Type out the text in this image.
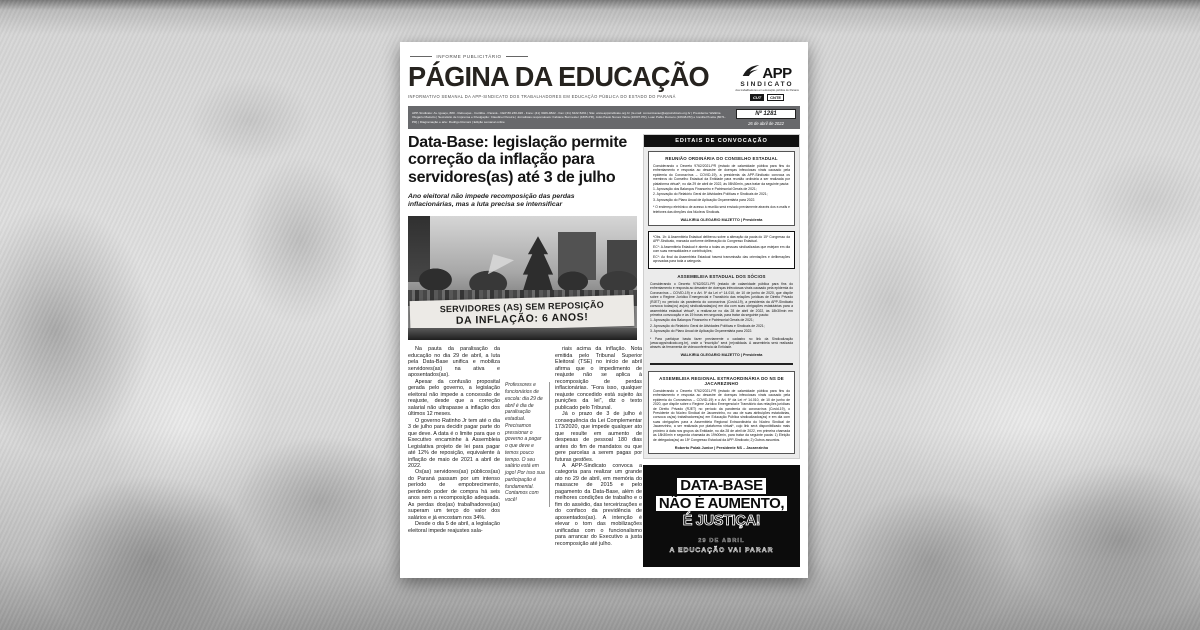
INFORME PUBLICITÁRIO
PÁGINA DA EDUCAÇÃO
INFORMATIVO SEMANAL DA APP-SINDICATO DOS TRABALHADORES EM EDUCAÇÃO PÚBLICA DO ESTADO DO PARANÁ
APP
SINDICATO
dos trabalhadores em educação pública do Paraná
CUT	CNTE
APP-Sindicato: Av. Iguaçu, 880 - Rebouças - Curitiba - Paraná - CEP 80.230-020 - Fone: (41) 3026-9822 - Fax: (41) 3222-5261 | Site: www.appsindicato.org.br | E-mail: comunicacao@appsindicato.org.br | Presidenta: Walkiria Olegario Mazetto | Secretário de Imprensa e Divulgação: Claudinei Pereira | Jornalistas responsáveis: Fabiane Burmester (4305-PR), João Paulo Nunes Vieira (10307-PR), Luan Pablo Romero (10648-PR) e Uanilla Pivetta (8071-PR) | Diagramação e arte: Rodrigo Romani | Edição semanal online
Nº 1281
26 de abril de 2022
Data-Base: legislação permite correção da inflação para servidores(as) até 3 de julho
Ano eleitoral não impede recomposição das perdas inflacionárias, mas a luta precisa se intensificar
SERVIDORES (AS) SEM REPOSIÇÃO
DA INFLAÇÃO: 6 ANOS!

Na pauta da paralisação da educação no dia 29 de abril, a luta pela Data-Base unifica e mobiliza servidores(as) na ativa e aposentados(as).

Apesar da confusão proposital gerada pelo governo, a legislação eleitoral não impede a concessão de reajuste, desde que a correção salarial não ultrapasse a inflação dos últimos 12 meses.

O governo Ratinho Jr tem até o dia 3 de julho para decidir pagar parte do que deve. A data é o limite para que o Executivo encaminhe à Assembleia Legislativa projeto de lei para pagar até 12% de reposição, equivalente à inflação de maio de 2021 a abril de 2022.

Os(as) servidores(as) públicos(as) do Paraná passam por um intenso período de empobrecimento, perdendo poder de compra há seis anos sem a recomposição adequada. As perdas dos(as) trabalhadores(as) superam um terço do valor dos salários e já encostam nos 34%.

Desde o dia 5 de abril, a legislação eleitoral impede reajustes sala-

Professores e funcionários de escola: dia 29 de abril é dia de paralisação estadual. Precisamos pressionar o governo a pagar o que deve e temos pouco tempo. O seu salário está em jogo! Por isso sua participação é fundamental. Contamos com você!

riais acima da inflação. Nota emitida pelo Tribunal Superior Eleitoral (TSE) no início de abril afirma que o impedimento de reajuste não se aplica à recomposição de perdas inflacionárias. “Fora isso, qualquer reajuste concedido está sujeito às punições da lei”, diz o texto publicado pelo Tribunal.

Já o prazo de 3 de julho é consequência da Lei Complementar 173/2020, que impede qualquer ato que resulte em aumento de despesas de pessoal 180 dias antes do fim de mandatos ou que gere parcelas a serem pagas por futuras gestões.

A APP-Sindicato convoca a categoria para realizar um grande ato no 29 de abril, em memória do massacre de 2015 e pelo pagamento da Data-Base, além de melhores condições de trabalho e o fim do assédio, das terceirizações e do confisco da previdência de aposentados(as). A intenção é elevar o tom das mobilizações unificadas com o funcionalismo para arrancar do Executivo a justa recomposição até julho.

EDITAIS DE CONVOCAÇÃO
REUNIÃO ORDINÁRIA DO CONSELHO ESTADUAL

Considerando o Decreto 9762/2021-PR (estado de calamidade pública para fins do enfrentamento e resposta ao desastre de doenças infecciosas virais causado pela epidemia do Coronavírus – COVID-19), a presidenta da APP-Sindicato convoca os membros do Conselho Estadual da Entidade para reunião ordinária a ser realizada por plataforma virtual*, no dia 29 de abril de 2022, às 08h30min, para tratar da seguinte pauta:

1. Aprovação dos Balanços Financeiro e Patrimonial Gerais de 2021;

2. Aprovação do Relatório Geral de Atividades Políticas e Sindicais de 2021;

3. Aprovação do Plano Anual de Aplicação Orçamentária para 2022.

* O endereço eletrônico de acesso à reunião será enviado previamente através dos e-mails e telefones das direções dos Núcleos Sindicais.

WALKIRIA OLEGARIO MAZETTO | Presidenta

*Obs. 1h: A Assembleia Estadual deliberou sobre a alteração da pauta do 15º Congresso da APP-Sindicato, marcada conforme deliberação do Congresso Estadual.

EC*: A Assembleia Estadual é aberta a todas as pessoas sindicalizadas que estejam em dia com suas mensalidades e contribuições;

EC*: Ao final da Assembleia Estadual haverá transmissão das orientações e deliberações aprovadas para toda a categoria.

ASSEMBLEIA ESTADUAL DOS SÓCIOS

Considerando o Decreto 9762/2021-PR (estado de calamidade pública para fins do enfrentamento e resposta ao desastre de doenças infecciosas virais causado pela epidemia do Coronavírus – COVID-19) e o Art. 5º da Lei nº 14.010, de 10 de junho de 2020, que dispõe sobre o Regime Jurídico Emergencial e Transitório das relações jurídicas de Direito Privado (RJET) no período da pandemia do coronavírus (Covid-19), a presidenta da APP-Sindicato convoca todas(os) as(os) sindicalizadas(os) em dia com suas obrigações estatutárias para a assembleia estadual virtual*, a realizar-se no dia 28 de abril de 2022, às 18h30min em primeira convocação e às 19 horas em segunda, para tratar da seguinte pauta:

1. Aprovação dos Balanços Financeiro e Patrimonial Gerais de 2021;

2. Aprovação do Relatório Geral de Atividades Políticas e Sindicais de 2021;

3. Aprovação do Plano Anual de Aplicação Orçamentária para 2022.

* Para participar basta fazer previamente o cadastro no link da Sindicalização (www.appsindicato.org.br), onde a “inscrição” será (re)validada. A assembleia será realizada através da ferramenta de videoconferência da Entidade.

WALKIRIA OLEGARIO MAZETTO | Presidenta
ASSEMBLEIA REGIONAL EXTRAORDINÁRIA DO NS DE JACAREZINHO

Considerando o Decreto 9762/2021-PR (estado de calamidade pública para fins do enfrentamento e resposta ao desastre de doenças infecciosas virais causado pela epidemia do Coronavírus – COVID-19) e o Art. 5º da Lei nº 14.010, de 10 de junho de 2020, que dispõe sobre o Regime Jurídico Emergencial e Transitório das relações jurídicas de Direito Privado (RJET) no período da pandemia do coronavírus (Covid-19), o Presidente do Núcleo Sindical de Jacarezinho, no uso de suas atribuições estatutárias, convoca os(as) trabalhadores(as) em Educação Pública sindicalizados(as) e em dia com suas obrigações para a Assembleia Regional Extraordinária do Núcleo Sindical de Jacarezinho, a ser realizada por plataforma virtual*, cujo link será disponibilizado mais próximo à data nos grupos da Entidade, no dia 28 de abril de 2022, em primeira chamada às 18h30min e segunda chamada às 19h00min, para tratar da seguinte pauta: 1) Eleição de delegados(as) ao 15º Congresso Estadual da APP-Sindicato; 2) Outros assuntos.

Roberto Polak Junior | Presidente NS – Jacarezinho
DATA-BASE
NÃO É AUMENTO,
É JUSTIÇA!
29 DE ABRIL
A EDUCAÇÃO VAI PARAR
